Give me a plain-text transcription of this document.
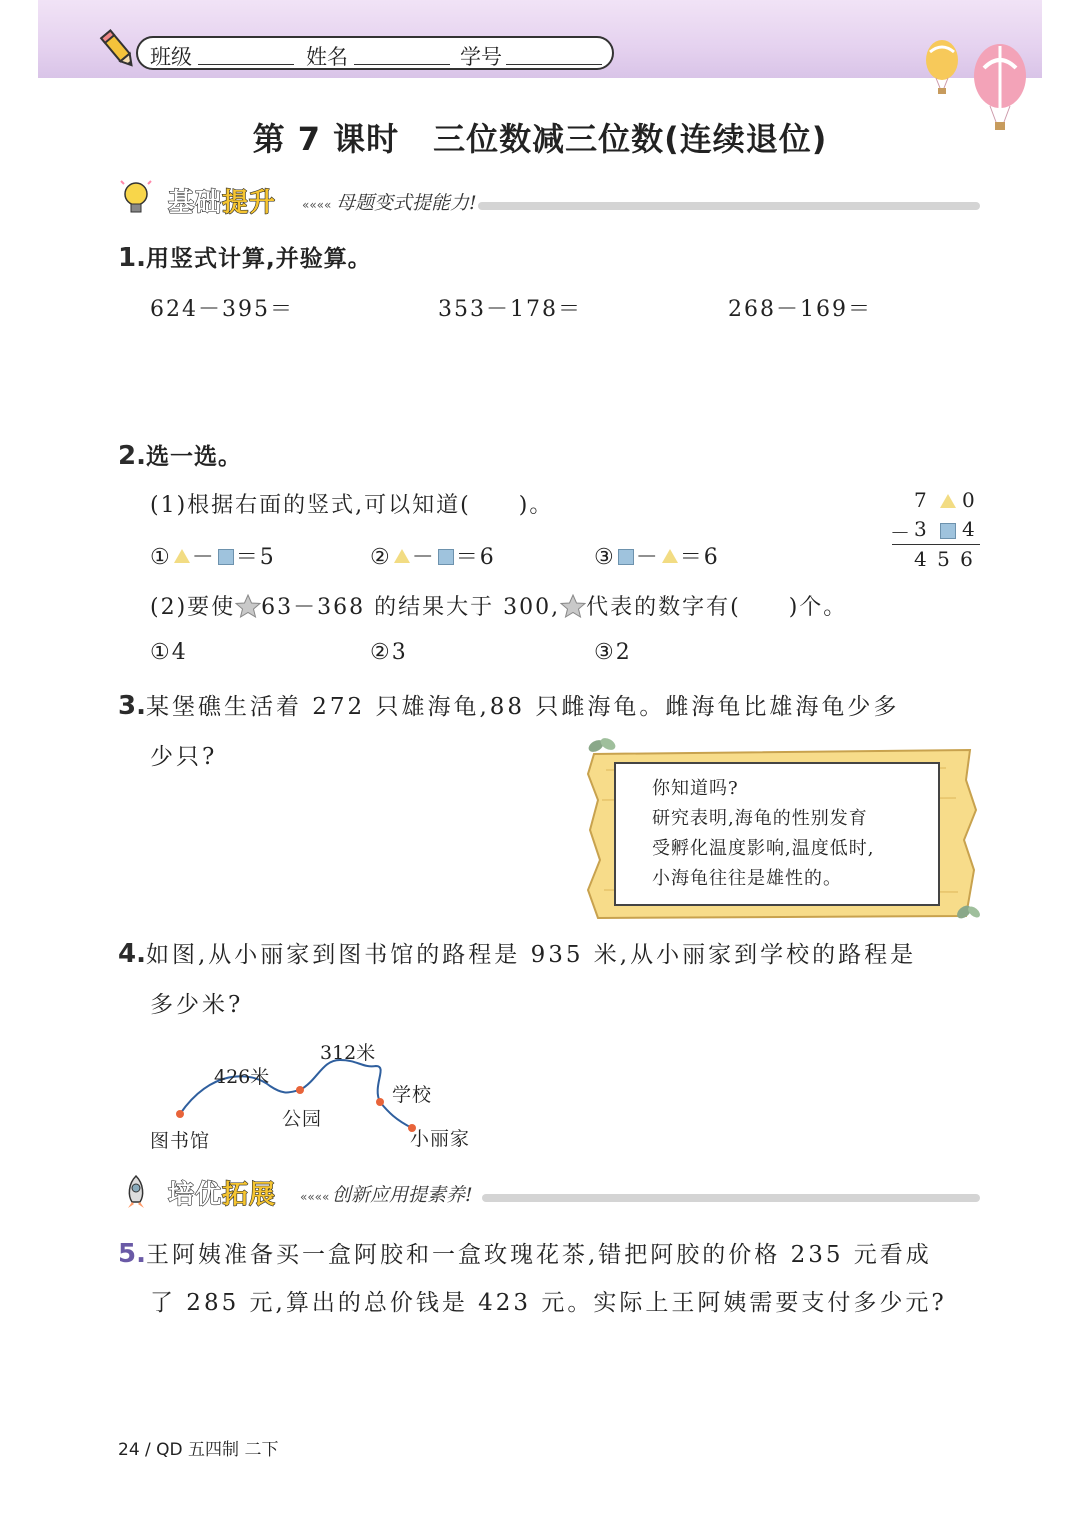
班级	姓名	学号
第 7 课时 三位数减三位数(连续退位)
基础提升 «««« 母题变式提能力!
1.用竖式计算,并验算。
624－395＝	353－178＝	268－169＝
2.选一选。
(1)根据右面的竖式,可以知道(　　)。	7 0
－ 3 4
4 5 6
① － ＝5	② － ＝6	③ － ＝6
(2)要使 63－368 的结果大于 300, 代表的数字有(　　)个。
①4	②3	③2
3.某堡礁生活着 272 只雄海龟,88 只雌海龟。雌海龟比雄海龟少多
少只?
你知道吗?
研究表明,海龟的性别发育
受孵化温度影响,温度低时,
小海龟往往是雄性的。
4.如图,从小丽家到图书馆的路程是 935 米,从小丽家到学校的路程是
多少米?
426米
312米
图书馆
公园
学校
小丽家
培优拓展 «««« 创新应用提素养!
5.王阿姨准备买一盒阿胶和一盒玫瑰花茶,错把阿胶的价格 235 元看成
了 285 元,算出的总价钱是 423 元。实际上王阿姨需要支付多少元?
24 / QD 五四制 二下
